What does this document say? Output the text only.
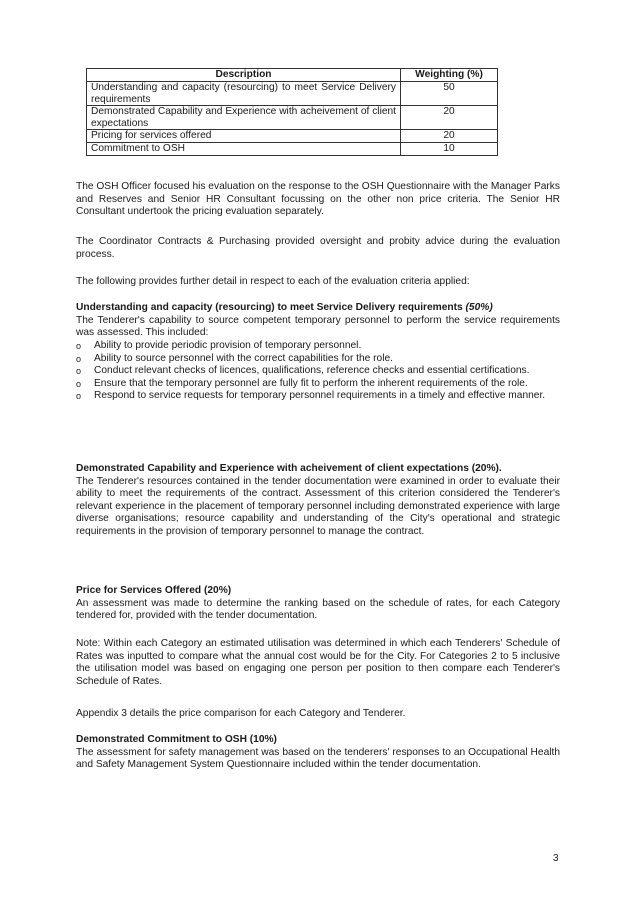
Description	Weighting (%)
Understanding and capacity (resourcing) to meet Service Delivery requirements	50
Demonstrated Capability and Experience with acheivement of client expectations	20
Pricing for services offered	20
Commitment to OSH	10

The OSH Officer focused his evaluation on the response to the OSH Questionnaire with the Manager Parks and Reserves and Senior HR Consultant focussing on the other non price criteria. The Senior HR Consultant undertook the pricing evaluation separately.

The Coordinator Contracts & Purchasing provided oversight and probity advice during the evaluation process.

The following provides further detail in respect to each of the evaluation criteria applied:

Understanding and capacity (resourcing) to meet Service Delivery requirements (50%)

The Tenderer's capability to source competent temporary personnel to perform the service requirements was assessed. This included:

o Ability to provide periodic provision of temporary personnel.
o Ability to source personnel with the correct capabilities for the role.
o Conduct relevant checks of licences, qualifications, reference checks and essential certifications.
o Ensure that the temporary personnel are fully fit to perform the inherent requirements of the role.
o Respond to service requests for temporary personnel requirements in a timely and effective manner.

Demonstrated Capability and Experience with acheivement of client expectations (20%).

The Tenderer's resources contained in the tender documentation were examined in order to evaluate their ability to meet the requirements of the contract. Assessment of this criterion considered the Tenderer's relevant experience in the placement of temporary personnel including demonstrated experience with large diverse organisations; resource capability and understanding of the City's operational and strategic requirements in the provision of temporary personnel to manage the contract.

Price for Services Offered (20%)

An assessment was made to determine the ranking based on the schedule of rates, for each Category tendered for, provided with the tender documentation.

Note: Within each Category an estimated utilisation was determined in which each Tenderers' Schedule of Rates was inputted to compare what the annual cost would be for the City. For Categories 2 to 5 inclusive the utilisation model was based on engaging one person per position to then compare each Tenderer's Schedule of Rates.

Appendix 3 details the price comparison for each Category and Tenderer.

Demonstrated Commitment to OSH (10%)

The assessment for safety management was based on the tenderers' responses to an Occupational Health and Safety Management System Questionnaire included within the tender documentation.

3
